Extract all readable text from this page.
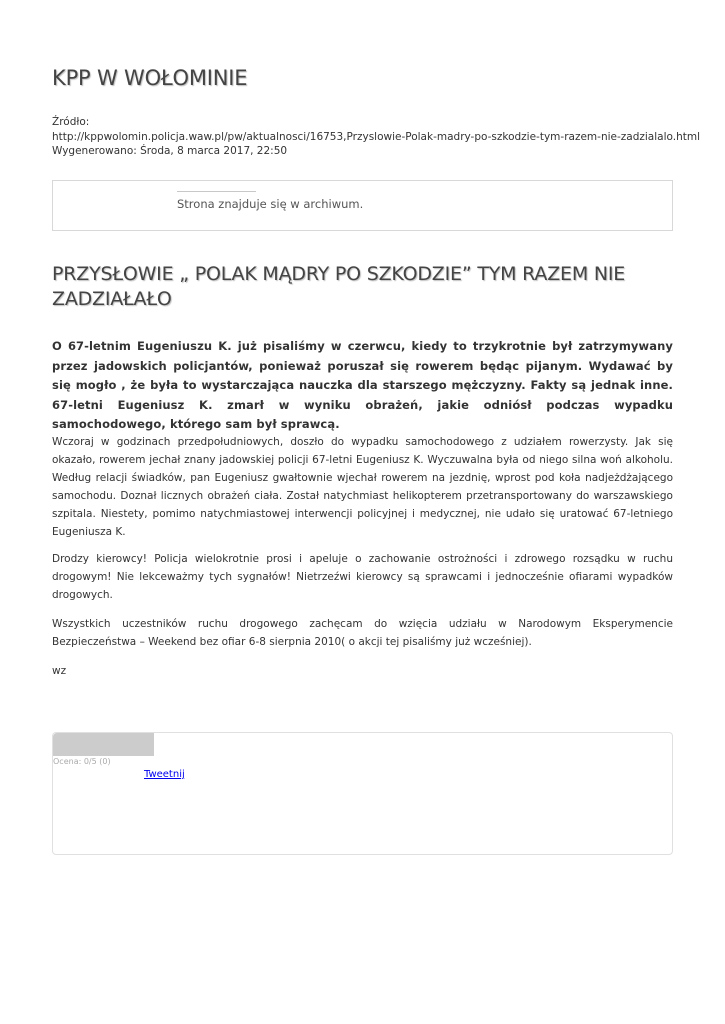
KPP W WOŁOMINIE
Źródło:
http://kppwolomin.policja.waw.pl/pw/aktualnosci/16753,Przyslowie-Polak-madry-po-szkodzie-tym-razem-nie-zadzialalo.html
Wygenerowano: Środa, 8 marca 2017, 22:50
Strona znajduje się w archiwum.
PRZYSŁOWIE „ POLAK MĄDRY PO SZKODZIE” TYM RAZEM NIE ZADZIAŁAŁO

O 67-letnim Eugeniuszu K. już pisaliśmy w czerwcu, kiedy to trzykrotnie był zatrzymywany przez jadowskich policjantów, ponieważ poruszał się rowerem będąc pijanym. Wydawać by się mogło , że była to wystarczająca nauczka dla starszego mężczyzny. Fakty są jednak inne. 67-letni Eugeniusz K. zmarł w wyniku obrażeń, jakie odniósł podczas wypadku samochodowego, którego sam był sprawcą.

Wczoraj w godzinach przedpołudniowych, doszło do wypadku samochodowego z udziałem rowerzysty. Jak się okazało, rowerem jechał znany jadowskiej policji 67-letni Eugeniusz K. Wyczuwalna była od niego silna woń alkoholu. Według relacji świadków, pan Eugeniusz gwałtownie wjechał rowerem na jezdnię, wprost pod koła nadjeżdżającego samochodu. Doznał licznych obrażeń ciała. Został natychmiast helikopterem przetransportowany do warszawskiego szpitala. Niestety, pomimo natychmiastowej interwencji policyjnej i medycznej, nie udało się uratować 67-letniego Eugeniusza K.

Drodzy kierowcy! Policja wielokrotnie prosi i apeluje o zachowanie ostrożności i zdrowego rozsądku w ruchu drogowym! Nie lekceważmy tych sygnałów! Nietrzeźwi kierowcy są sprawcami i jednocześnie ofiarami wypadków drogowych.

Wszystkich uczestników ruchu drogowego zachęcam do wzięcia udziału w Narodowym Eksperymencie Bezpieczeństwa – Weekend bez ofiar 6-8 sierpnia 2010( o akcji tej pisaliśmy już wcześniej).

wz

Ocena: 0/5 (0)
Tweetnij
